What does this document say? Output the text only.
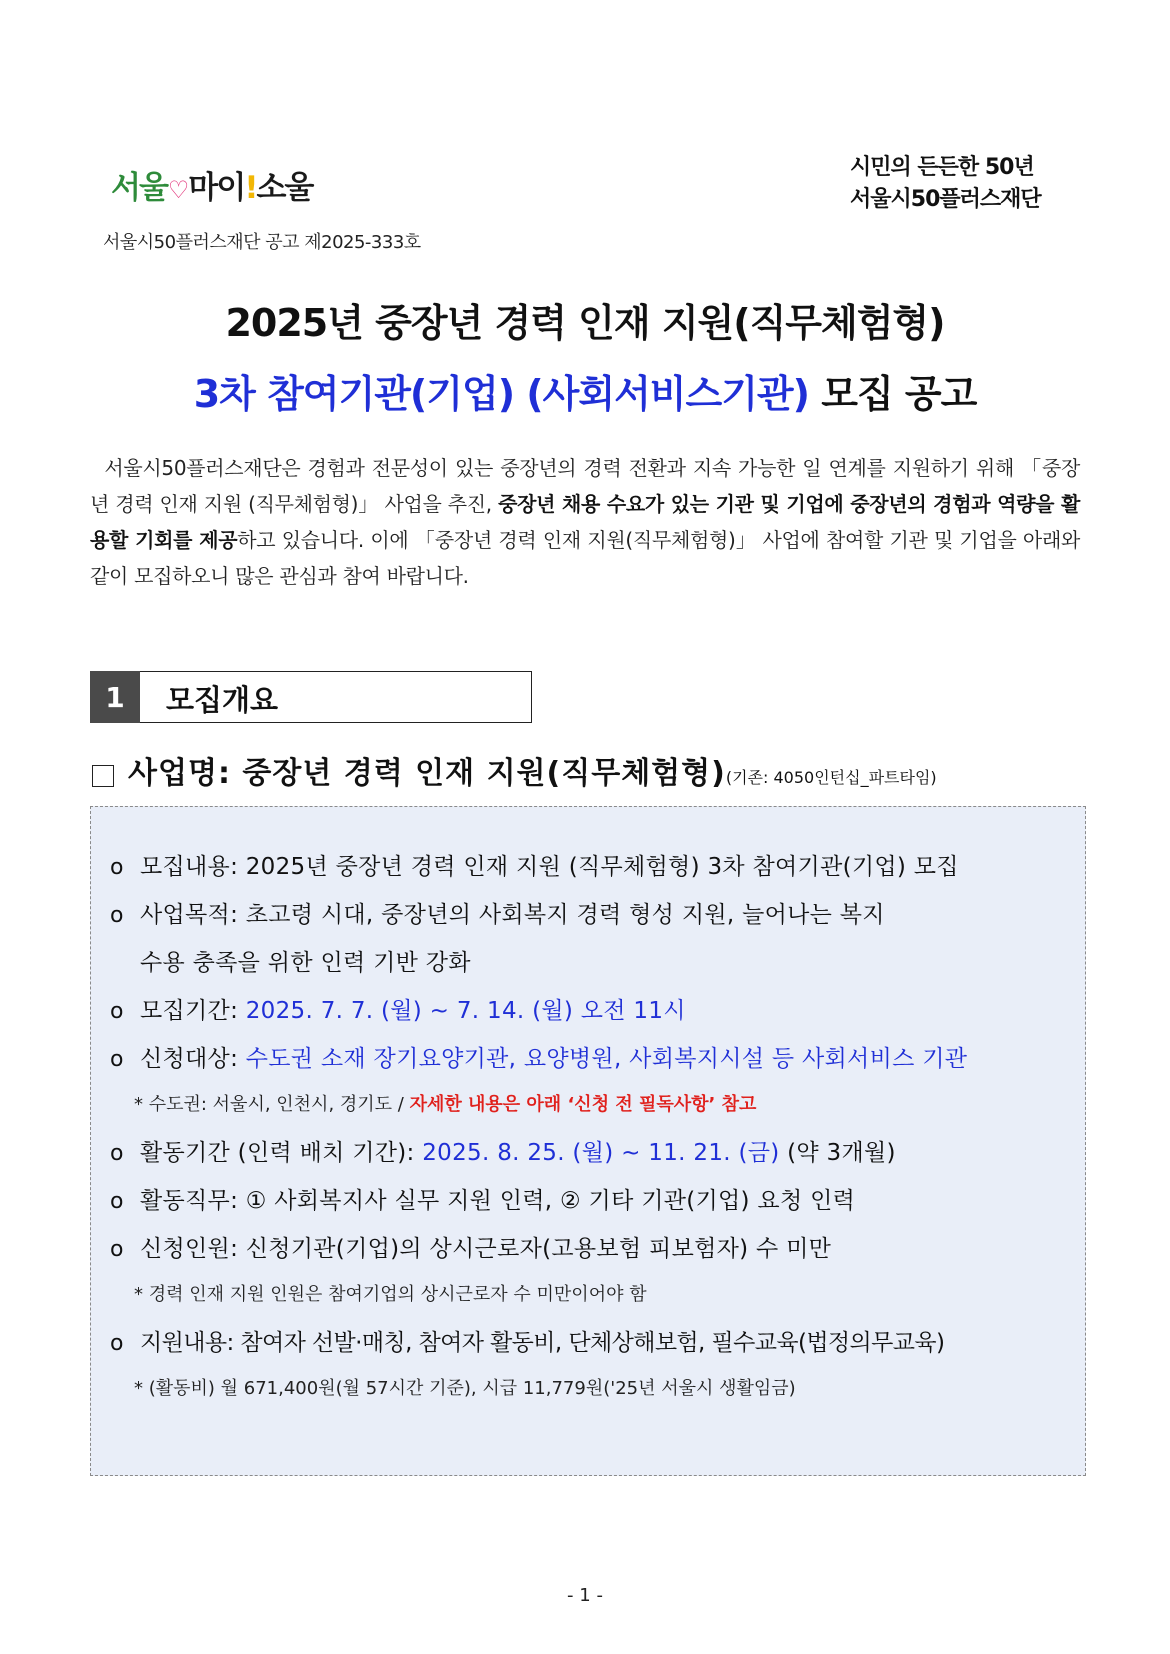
서울♡마이!소울
시민의 든든한 50년
서울시50플러스재단
서울시50플러스재단 공고 제2025-333호
2025년 중장년 경력 인재 지원(직무체험형)
3차 참여기관(기업) (사회서비스기관) 모집 공고
서울시50플러스재단은 경험과 전문성이 있는 중장년의 경력 전환과 지속 가능한 일 연계를 지원하기 위해 「중장년 경력 인재 지원 (직무체험형)」 사업을 추진, 중장년 채용 수요가 있는 기관 및 기업에 중장년의 경험과 역량을 활용할 기회를 제공하고 있습니다. 이에 「중장년 경력 인재 지원(직무체험형)」 사업에 참여할 기관 및 기업을 아래와 같이 모집하오니 많은 관심과 참여 바랍니다.
1	모집개요
사업명: 중장년 경력 인재 지원(직무체험형)(기존: 4050인턴십_파트타임)
o 모집내용: 2025년 중장년 경력 인재 지원 (직무체험형) 3차 참여기관(기업) 모집
o 사업목적: 초고령 시대, 중장년의 사회복지 경력 형성 지원, 늘어나는 복지
수용 충족을 위한 인력 기반 강화
o 모집기간: 2025. 7. 7. (월) ~ 7. 14. (월) 오전 11시
o 신청대상: 수도권 소재 장기요양기관, 요양병원, 사회복지시설 등 사회서비스 기관
* 수도권: 서울시, 인천시, 경기도 / 자세한 내용은 아래 ‘신청 전 필독사항’ 참고
o 활동기간 (인력 배치 기간): 2025. 8. 25. (월) ~ 11. 21. (금) (약 3개월)
o 활동직무: ① 사회복지사 실무 지원 인력, ② 기타 기관(기업) 요청 인력
o 신청인원: 신청기관(기업)의 상시근로자(고용보험 피보험자) 수 미만
* 경력 인재 지원 인원은 참여기업의 상시근로자 수 미만이어야 함
o 지원내용: 참여자 선발·매칭, 참여자 활동비, 단체상해보험, 필수교육(법정의무교육)
* (활동비) 월 671,400원(월 57시간 기준), 시급 11,779원('25년 서울시 생활임금)
- 1 -
